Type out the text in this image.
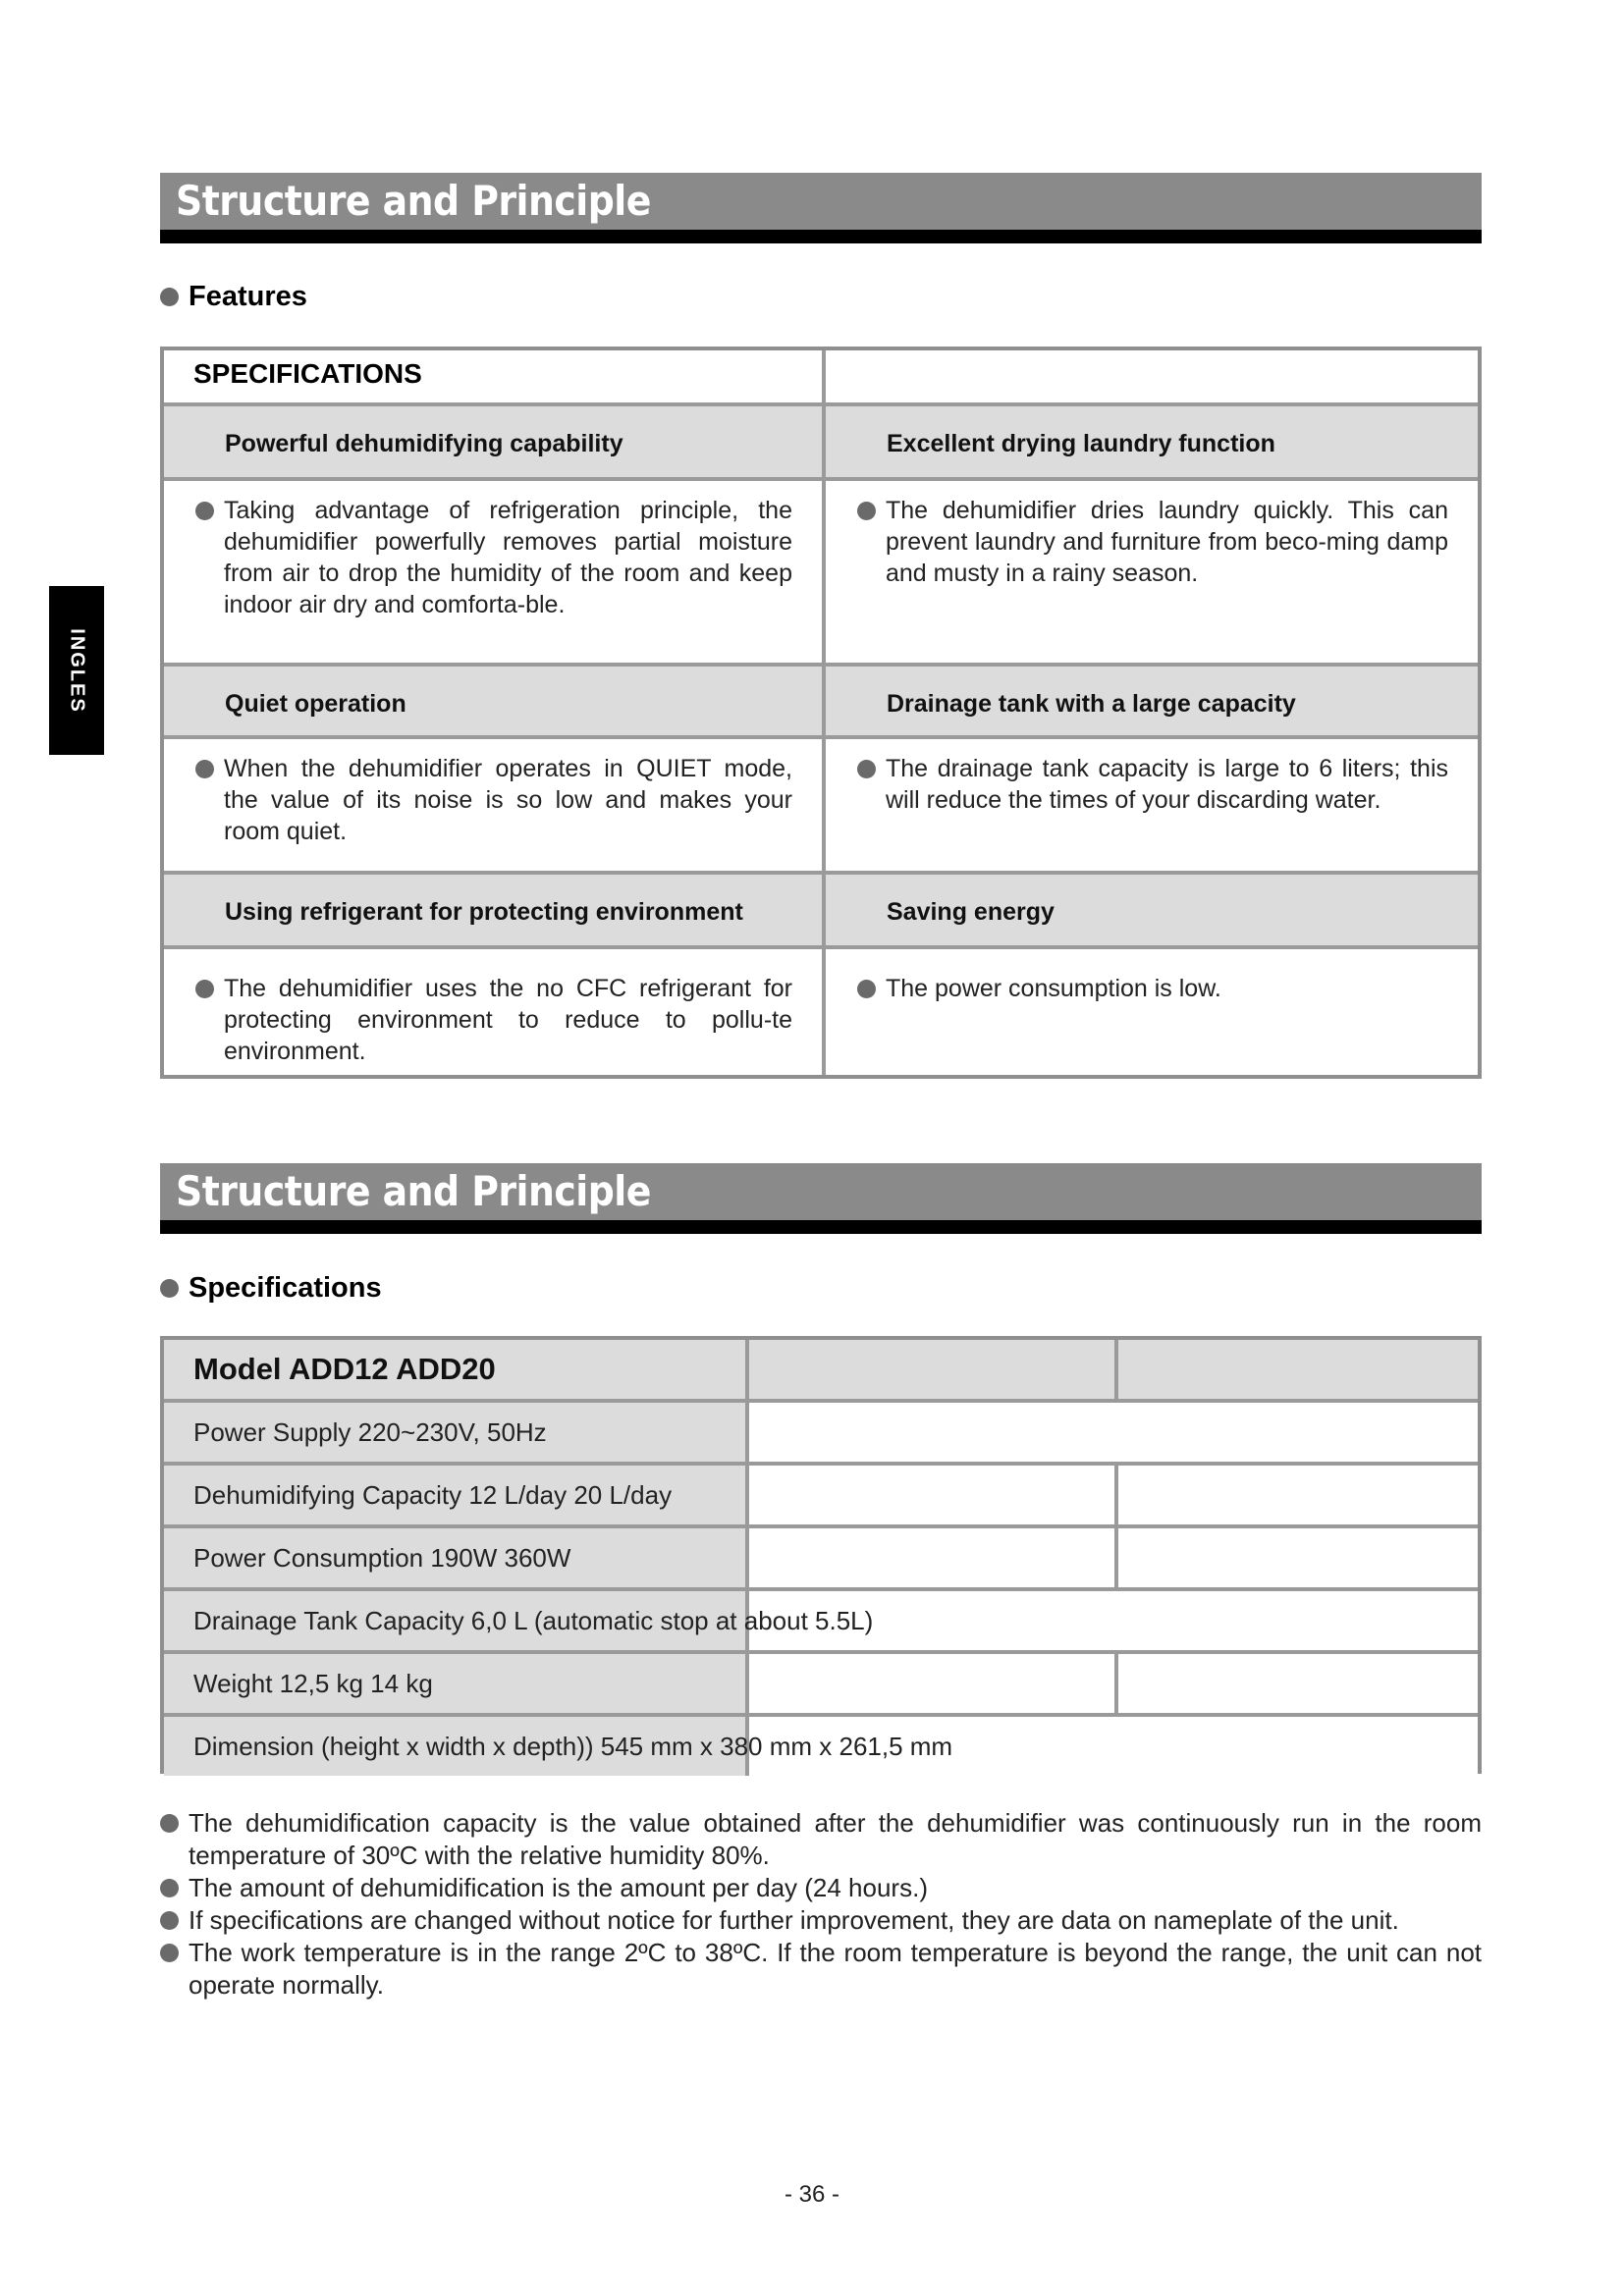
INGLES
Structure and Principle
Features
SPECIFICATIONS
Powerful dehumidifying capability	Excellent drying laundry function

Taking advantage of refrigeration principle, the dehumidifier powerfully removes partial moisture from air to drop the humidity of the room and keep indoor air dry and comforta-ble.

The dehumidifier dries laundry quickly. This can prevent laundry and furniture from beco-ming damp and musty in a rainy season.

Quiet operation	Drainage tank with a large capacity

When the dehumidifier operates in QUIET mode, the value of its noise is so low and makes your room quiet.

The drainage tank capacity is large to 6 liters; this will reduce the times of your discarding water.

Using refrigerant for protecting environment	Saving energy

The dehumidifier uses the no CFC refrigerant for protecting environment to reduce to pollu-te environment.

The power consumption is low.

Structure and Principle
Specifications
Model ADD12 ADD20
Power Supply 220~230V, 50Hz
Dehumidifying Capacity 12 L/day 20 L/day
Power Consumption 190W 360W
Drainage Tank Capacity 6,0 L (automatic stop at about 5.5L)
Weight 12,5 kg 14 kg
Dimension (height x width x depth)) 545 mm x 380 mm x 261,5 mm
The dehumidification capacity is the value obtained after the dehumidifier was continuously run in the room temperature of 30ºC with the relative humidity 80%.
The amount of dehumidification is the amount per day (24 hours.)
If specifications are changed without notice for further improvement, they are data on nameplate of the unit.
The work temperature is in the range 2ºC to 38ºC. If the room temperature is beyond the range, the unit can not operate normally.
- 36 -
